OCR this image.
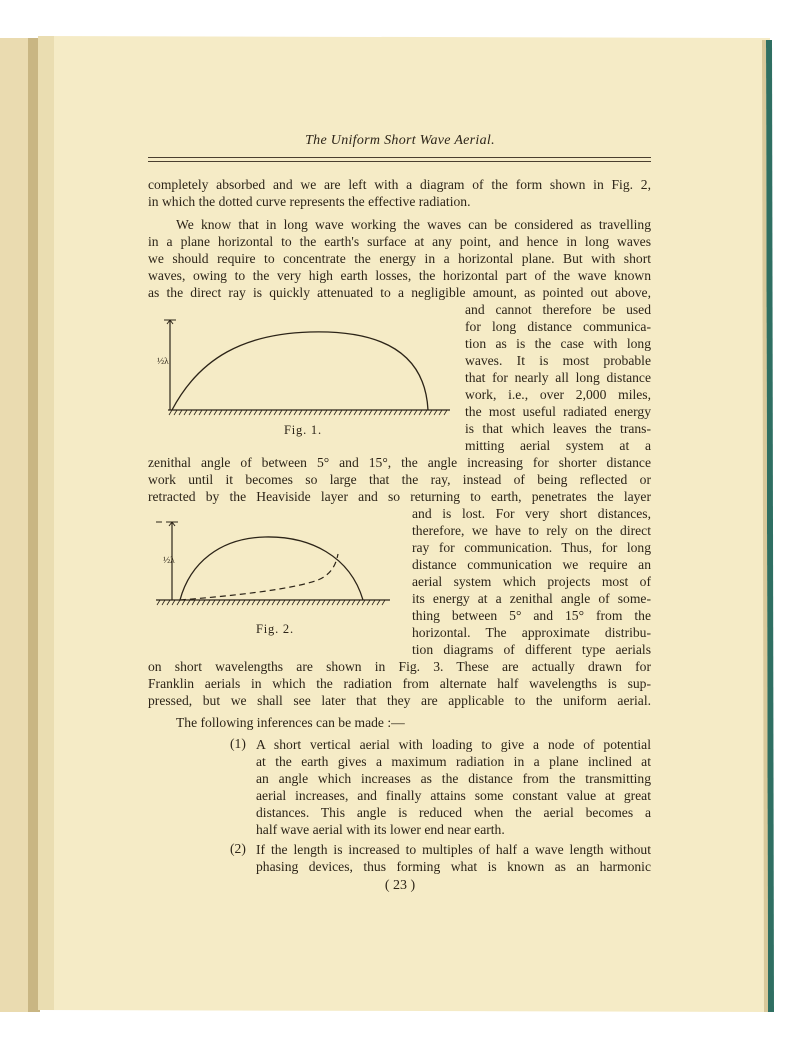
The Uniform Short Wave Aerial.
completely absorbed and we are left with a diagram of the form shown in Fig. 2,
in which the dotted curve represents the effective radiation.
We know that in long wave working the waves can be considered as travelling
in a plane horizontal to the earth's surface at any point, and hence in long waves
we should require to concentrate the energy in a horizontal plane. But with short
waves, owing to the very high earth losses, the horizontal part of the wave known
as the direct ray is quickly attenuated to a negligible amount, as pointed out above,
and cannot therefore be used
for long distance communica-
tion as is the case with long
waves. It is most probable
that for nearly all long distance
work, i.e., over 2,000 miles,
the most useful radiated energy
is that which leaves the trans-
mitting aerial system at a
zenithal angle of between 5° and 15°, the angle increasing for shorter distance
work until it becomes so large that the ray, instead of being reflected or
retracted by the Heaviside layer and so returning to earth, penetrates the layer
and is lost. For very short distances,
therefore, we have to rely on the direct
ray for communication. Thus, for long
distance communication we require an
aerial system which projects most of
its energy at a zenithal angle of some-
thing between 5° and 15° from the
horizontal. The approximate distribu-
tion diagrams of different type aerials
on short wavelengths are shown in Fig. 3. These are actually drawn for
Franklin aerials in which the radiation from alternate half wavelengths is sup-
pressed, but we shall see later that they are applicable to the uniform aerial.
The following inferences can be made :—
(1) A short vertical aerial with loading to give a node of potential
at the earth gives a maximum radiation in a plane inclined at
an angle which increases as the distance from the transmitting
aerial increases, and finally attains some constant value at great
distances. This angle is reduced when the aerial becomes a
half wave aerial with its lower end near earth.
(2) If the length is increased to multiples of half a wave length without
phasing devices, thus forming what is known as an harmonic
½λ
Fig. 1.
½λ
Fig. 2.
( 23 )
